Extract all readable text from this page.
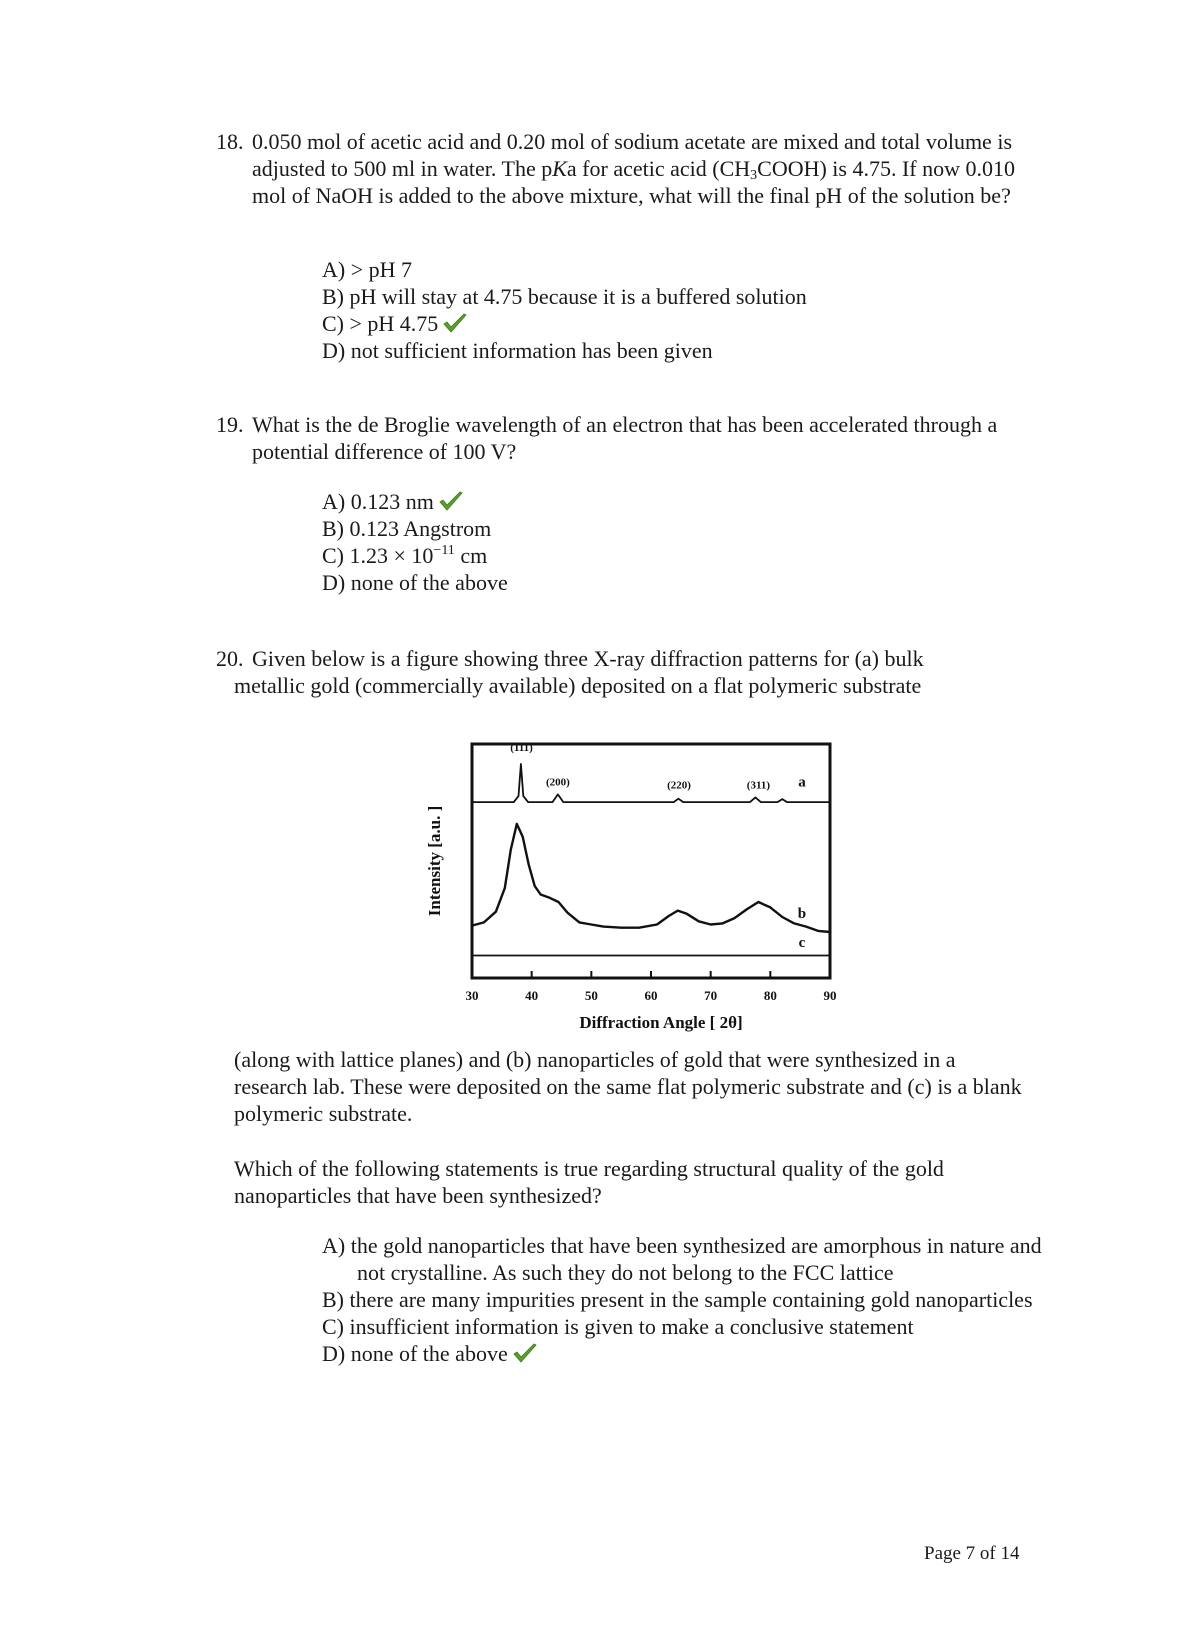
18. 0.050 mol of acetic acid and 0.20 mol of sodium acetate are mixed and total volume is adjusted to 500 ml in water. The pKa for acetic acid $(CH_3COOH)$ is 4.75. If now 0.010 mol of NaOH is added to the above mixture, what will the final pH of the solution be?
A) > pH 7
B) pH will stay at 4.75 because it is a buffered solution
C) > pH 4.75
D) not sufficient information has been given
19. What is the de Broglie wavelength of an electron that has been accelerated through a potential difference of 100 V?
A) 0.123 nm
B) 0.123 Angstrom
C) $1.23 \times 10^{-11}$ cm
D) none of the above
20. Given below is a figure showing three X-ray diffraction patterns for (a) bulk metallic gold (commercially available) deposited on a flat polymeric substrate
30	40	50	60	70	80	90
(111)
(200)	(220)	(311) a
b
c
Diffraction Angle [ 2θ]
Intensity [a.u. ]
(along with lattice planes) and (b) nanoparticles of gold that were synthesized in a research lab. These were deposited on the same flat polymeric substrate and (c) is a blank polymeric substrate.
Which of the following statements is true regarding structural quality of the gold nanoparticles that have been synthesized?
A) the gold nanoparticles that have been synthesized are amorphous in nature and not crystalline. As such they do not belong to the FCC lattice
B) there are many impurities present in the sample containing gold nanoparticles
C) insufficient information is given to make a conclusive statement
D) none of the above
Page 7 of 14
